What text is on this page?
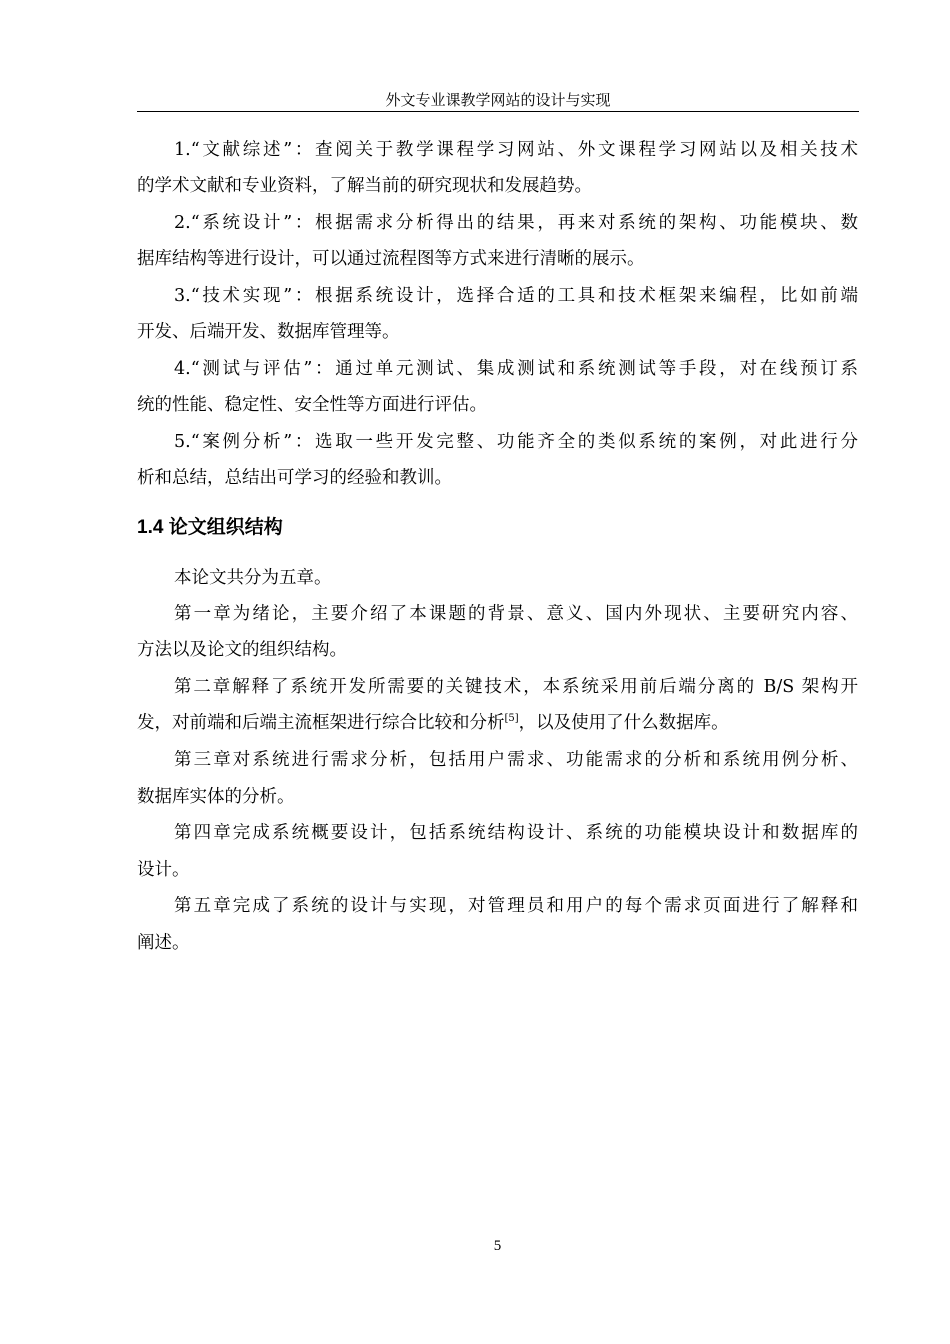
外文专业课教学网站的设计与实现
1.“文献综述”：查阅关于教学课程学习网站、外文课程学习网站以及相关技术
的学术文献和专业资料，了解当前的研究现状和发展趋势。
2.“系统设计”：根据需求分析得出的结果，再来对系统的架构、功能模块、数
据库结构等进行设计，可以通过流程图等方式来进行清晰的展示。
3.“技术实现”：根据系统设计，选择合适的工具和技术框架来编程，比如前端
开发、后端开发、数据库管理等。
4.“测试与评估”：通过单元测试、集成测试和系统测试等手段，对在线预订系
统的性能、稳定性、安全性等方面进行评估。
5.“案例分析”：选取一些开发完整、功能齐全的类似系统的案例，对此进行分
析和总结，总结出可学习的经验和教训。
1.4 论文组织结构
本论文共分为五章。
第一章为绪论，主要介绍了本课题的背景、意义、国内外现状、主要研究内容、
方法以及论文的组织结构。
第二章解释了系统开发所需要的关键技术，本系统采用前后端分离的 B/S 架构开
发，对前端和后端主流框架进行综合比较和分析[5]，以及使用了什么数据库。
第三章对系统进行需求分析，包括用户需求、功能需求的分析和系统用例分析、
数据库实体的分析。
第四章完成系统概要设计，包括系统结构设计、系统的功能模块设计和数据库的
设计。
第五章完成了系统的设计与实现，对管理员和用户的每个需求页面进行了解释和
阐述。
5
